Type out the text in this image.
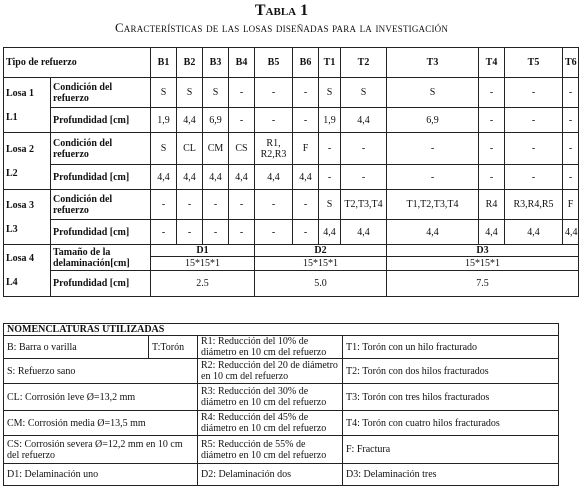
Tabla 1
Características de las losas diseñadas para la investigación
Tipo de refuerzo		B1	B2	B3	B4	B5	B6	T1	T2	T3	T4	T5	T6

Losa 1
L1	Condición del refuerzo	S	S	S	-	-	-	S	S	S	-	-	-
	Profundidad [cm]	1,9	4,4	6,9	-	-	-	1,9	4,4	6,9	-	-	-

Losa 2
L2	Condición del refuerzo	S	CL	CM	CS	R1, R2,R3	F	-	-	-	-	-	-
	Profundidad [cm]	4,4	4,4	4,4	4,4	4,4	4,4	-	-	-	-	-	-

Losa 3
L3	Condición del refuerzo	-	-	-	-	-	-	S	T2,T3,T4	T1,T2,T3,T4	R4	R3,R4,R5	F
	Profundidad [cm]	-	-	-	-	-	-	4,4	4,4	4,4	4,4	4,4	4,4

Losa 4
L4	Tamaño de la delaminación[cm]	D1				D2				D3			
		15*15*1				15*15*1				15*15*1			
	Profundidad [cm]	2.5				5.0				7.5			
NOMENCLATURAS UTILIZADAS			
B: Barra o varilla	T:Torón	R1: Reducción del 10% de diámetro en 10 cm del refuerzo	T1: Torón con un hilo fracturado
S: Refuerzo sano		R2: Reducción del 20 de diámetro en 10 cm del refuerzo	T2: Torón con dos hilos fracturados
CL: Corrosión leve Ø=13,2 mm		R3: Reducción del 30% de diámetro en 10 cm del refuerzo	T3: Torón con tres hilos fracturados
CM: Corrosión media Ø=13,5 mm		R4: Reducción del 45% de diámetro en 10 cm del refuerzo	T4: Torón con cuatro hilos fracturados
CS: Corrosión severa Ø=12,2 mm en 10 cm del refuerzo		R5: Reducción de 55% de diámetro en 10 cm del refuerzo	F: Fractura
D1: Delaminación uno		D2: Delaminación dos	D3: Delaminación tres
